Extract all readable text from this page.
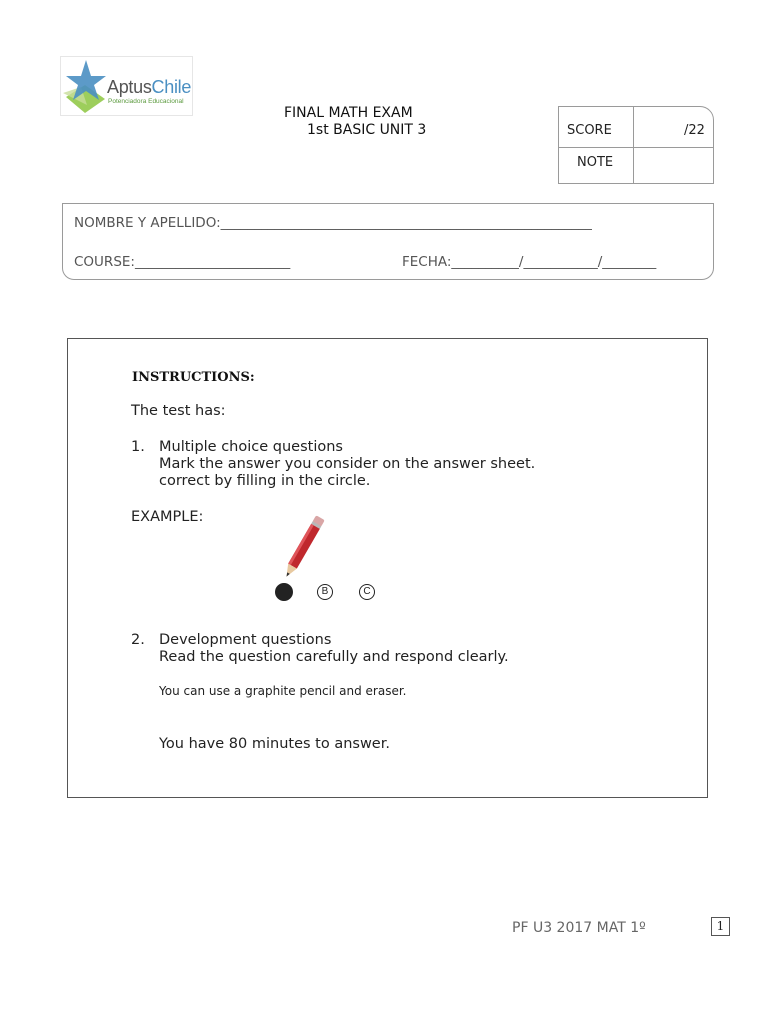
AptusChile
Potenciadora Educacional
FINAL MATH EXAM
1st BASIC UNIT 3	SCORE	/22
NOTE
NOMBRE Y APELLIDO:_______________________________________________________
COURSE:_______________________	FECHA:__________/___________/________
INSTRUCTIONS:
The test has:
1. Multiple choice questions
Mark the answer you consider on the answer sheet.
correct by filling in the circle.
EXAMPLE:
B	C
2. Development questions
Read the question carefully and respond clearly.
You can use a graphite pencil and eraser.
You have 80 minutes to answer.
PF U3 2017 MAT 1º	1
